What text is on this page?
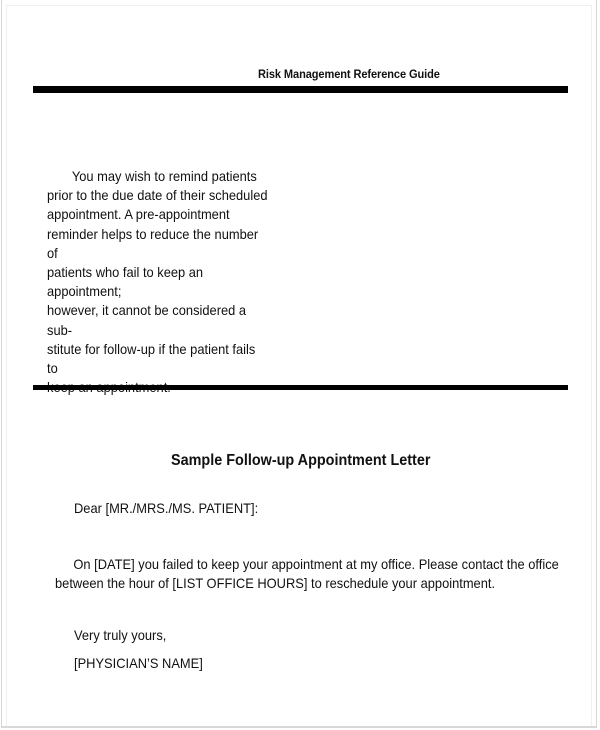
Risk Management Reference Guide

You may wish to remind patients
prior to the due date of their scheduled
appointment. A pre-appointment
reminder helps to reduce the number of
patients who fail to keep an appointment;
however, it cannot be considered a sub-
stitute for follow-up if the patient fails to

Sample Follow-up Appointment Letter
Dear [MR./MRS./MS. PATIENT]:
On [DATE] you failed to keep your appointment at my office. Please contact the office
between the hour of [LIST OFFICE HOURS] to reschedule your appointment.
Very truly yours,
[PHYSICIAN’S NAME]
